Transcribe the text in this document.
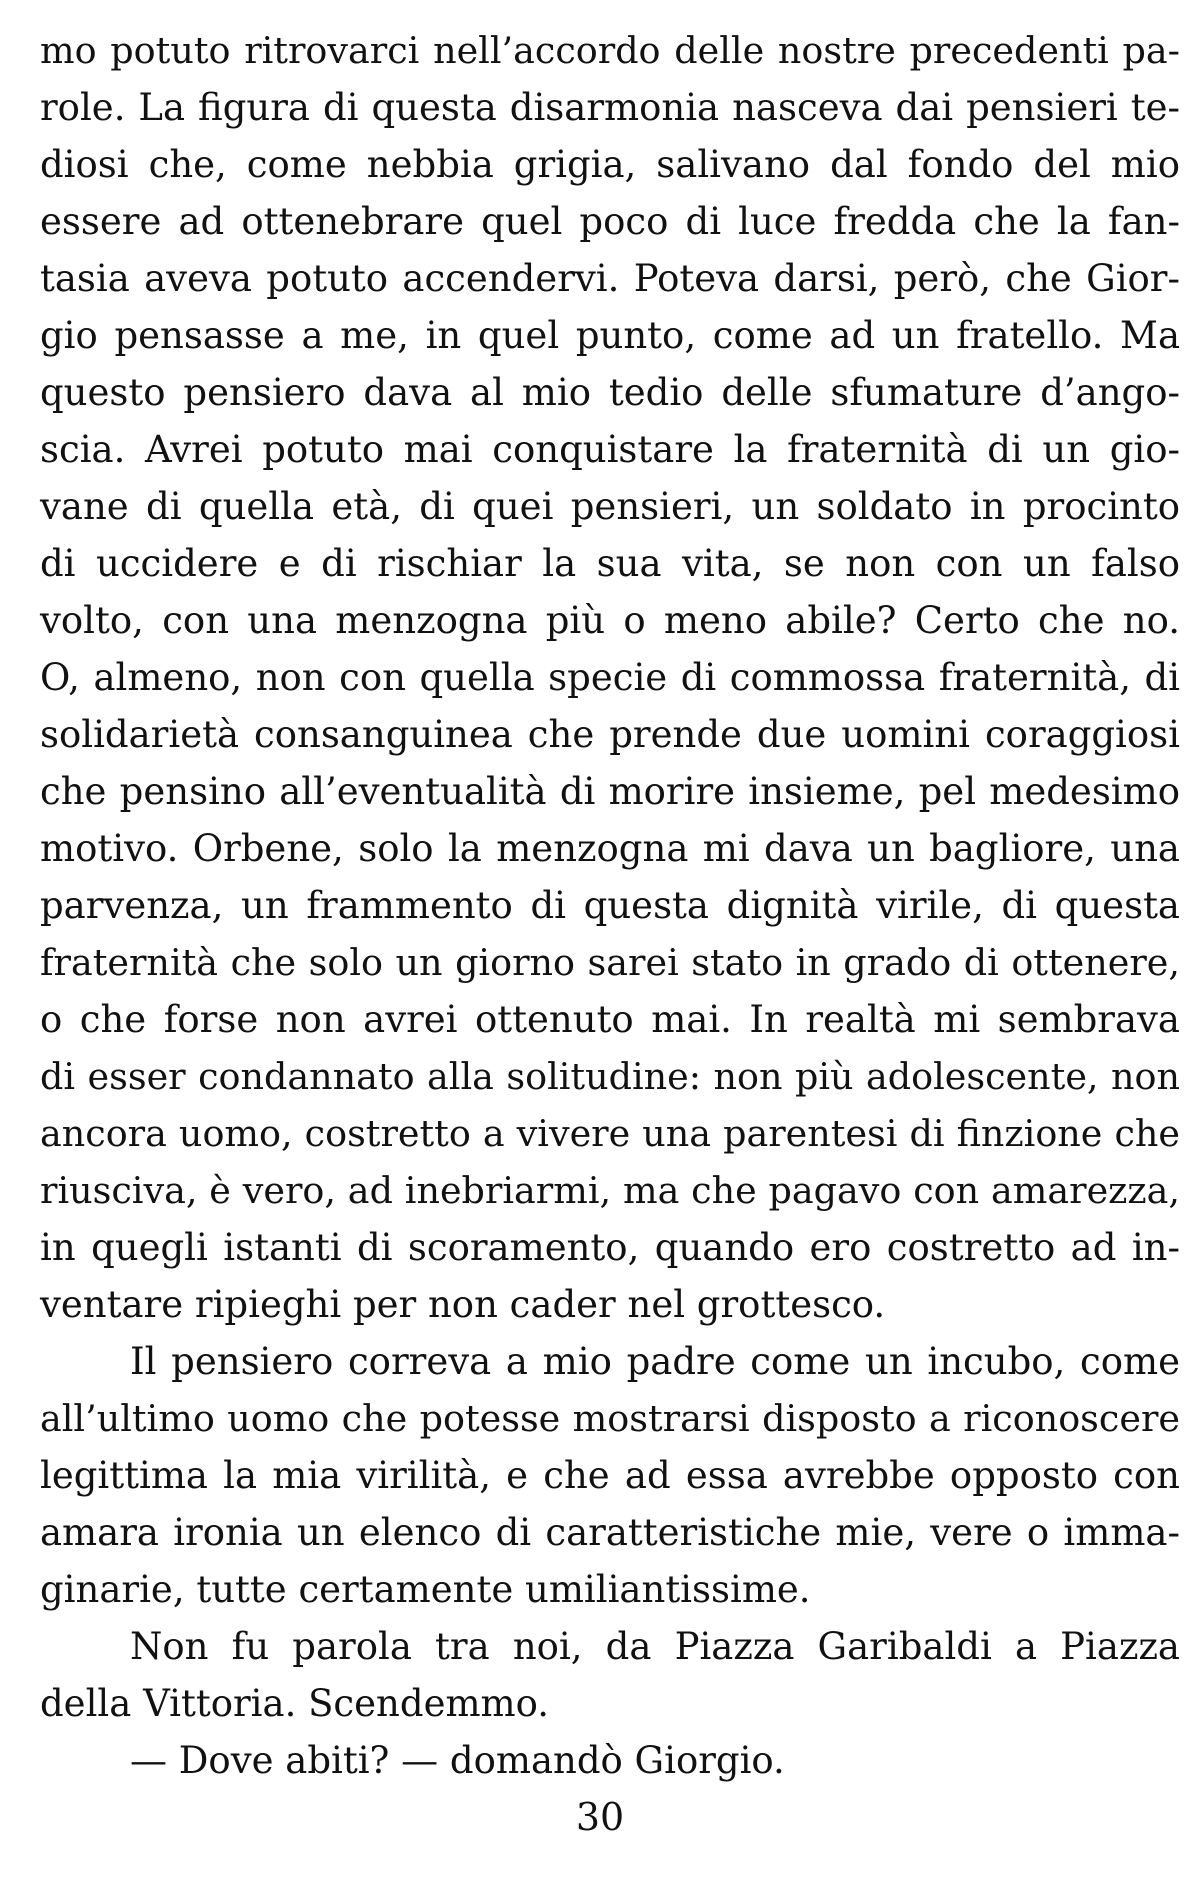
mo potuto ritrovarci nell’accordo delle nostre precedenti pa-
role. La figura di questa disarmonia nasceva dai pensieri te-
diosi che, come nebbia grigia, salivano dal fondo del mio
essere ad ottenebrare quel poco di luce fredda che la fan-
tasia aveva potuto accendervi. Poteva darsi, però, che Gior-
gio pensasse a me, in quel punto, come ad un fratello. Ma
questo pensiero dava al mio tedio delle sfumature d’ango-
scia. Avrei potuto mai conquistare la fraternità di un gio-
vane di quella età, di quei pensieri, un soldato in procinto
di uccidere e di rischiar la sua vita, se non con un falso
volto, con una menzogna più o meno abile? Certo che no.
O, almeno, non con quella specie di commossa fraternità, di
solidarietà consanguinea che prende due uomini coraggiosi
che pensino all’eventualità di morire insieme, pel medesimo
motivo. Orbene, solo la menzogna mi dava un bagliore, una
parvenza, un frammento di questa dignità virile, di questa
fraternità che solo un giorno sarei stato in grado di ottenere,
o che forse non avrei ottenuto mai. In realtà mi sembrava
di esser condannato alla solitudine: non più adolescente, non
ancora uomo, costretto a vivere una parentesi di finzione che
riusciva, è vero, ad inebriarmi, ma che pagavo con amarezza,
in quegli istanti di scoramento, quando ero costretto ad in-
ventare ripieghi per non cader nel grottesco.
Il pensiero correva a mio padre come un incubo, come
all’ultimo uomo che potesse mostrarsi disposto a riconoscere
legittima la mia virilità, e che ad essa avrebbe opposto con
amara ironia un elenco di caratteristiche mie, vere o imma-
ginarie, tutte certamente umiliantissime.
Non fu parola tra noi, da Piazza Garibaldi a Piazza
della Vittoria. Scendemmo.
— Dove abiti? — domandò Giorgio.
30
